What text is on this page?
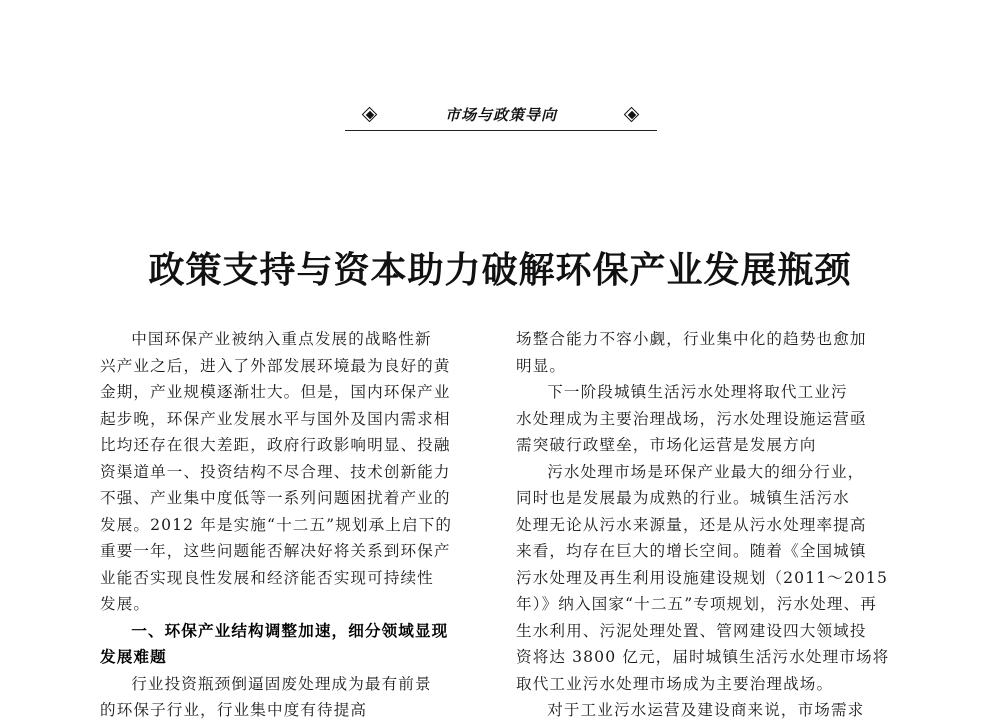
市场与政策导向
政策支持与资本助力破解环保产业发展瓶颈
中国环保产业被纳入重点发展的战略性新
兴产业之后，进入了外部发展环境最为良好的黄
金期，产业规模逐渐壮大。但是，国内环保产业
起步晚，环保产业发展水平与国外及国内需求相
比均还存在很大差距，政府行政影响明显、投融
资渠道单一、投资结构不尽合理、技术创新能力
不强、产业集中度低等一系列问题困扰着产业的
发展。2012 年是实施“十二五”规划承上启下的
重要一年，这些问题能否解决好将关系到环保产
业能否实现良性发展和经济能否实现可持续性
发展。
一、环保产业结构调整加速，细分领域显现
发展难题
行业投资瓶颈倒逼固废处理成为最有前景
的环保子行业，行业集中度有待提高
场整合能力不容小觑，行业集中化的趋势也愈加
明显。
下一阶段城镇生活污水处理将取代工业污
水处理成为主要治理战场，污水处理设施运营亟
需突破行政壁垒，市场化运营是发展方向
污水处理市场是环保产业最大的细分行业，
同时也是发展最为成熟的行业。城镇生活污水
处理无论从污水来源量，还是从污水处理率提高
来看，均存在巨大的增长空间。随着《全国城镇
污水处理及再生利用设施建设规划（2011～2015
年）》纳入国家“十二五”专项规划，污水处理、再
生水利用、污泥处理处置、管网建设四大领域投
资将达 3800 亿元，届时城镇生活污水处理市场将
取代工业污水处理市场成为主要治理战场。
对于工业污水运营及建设商来说，市场需求
